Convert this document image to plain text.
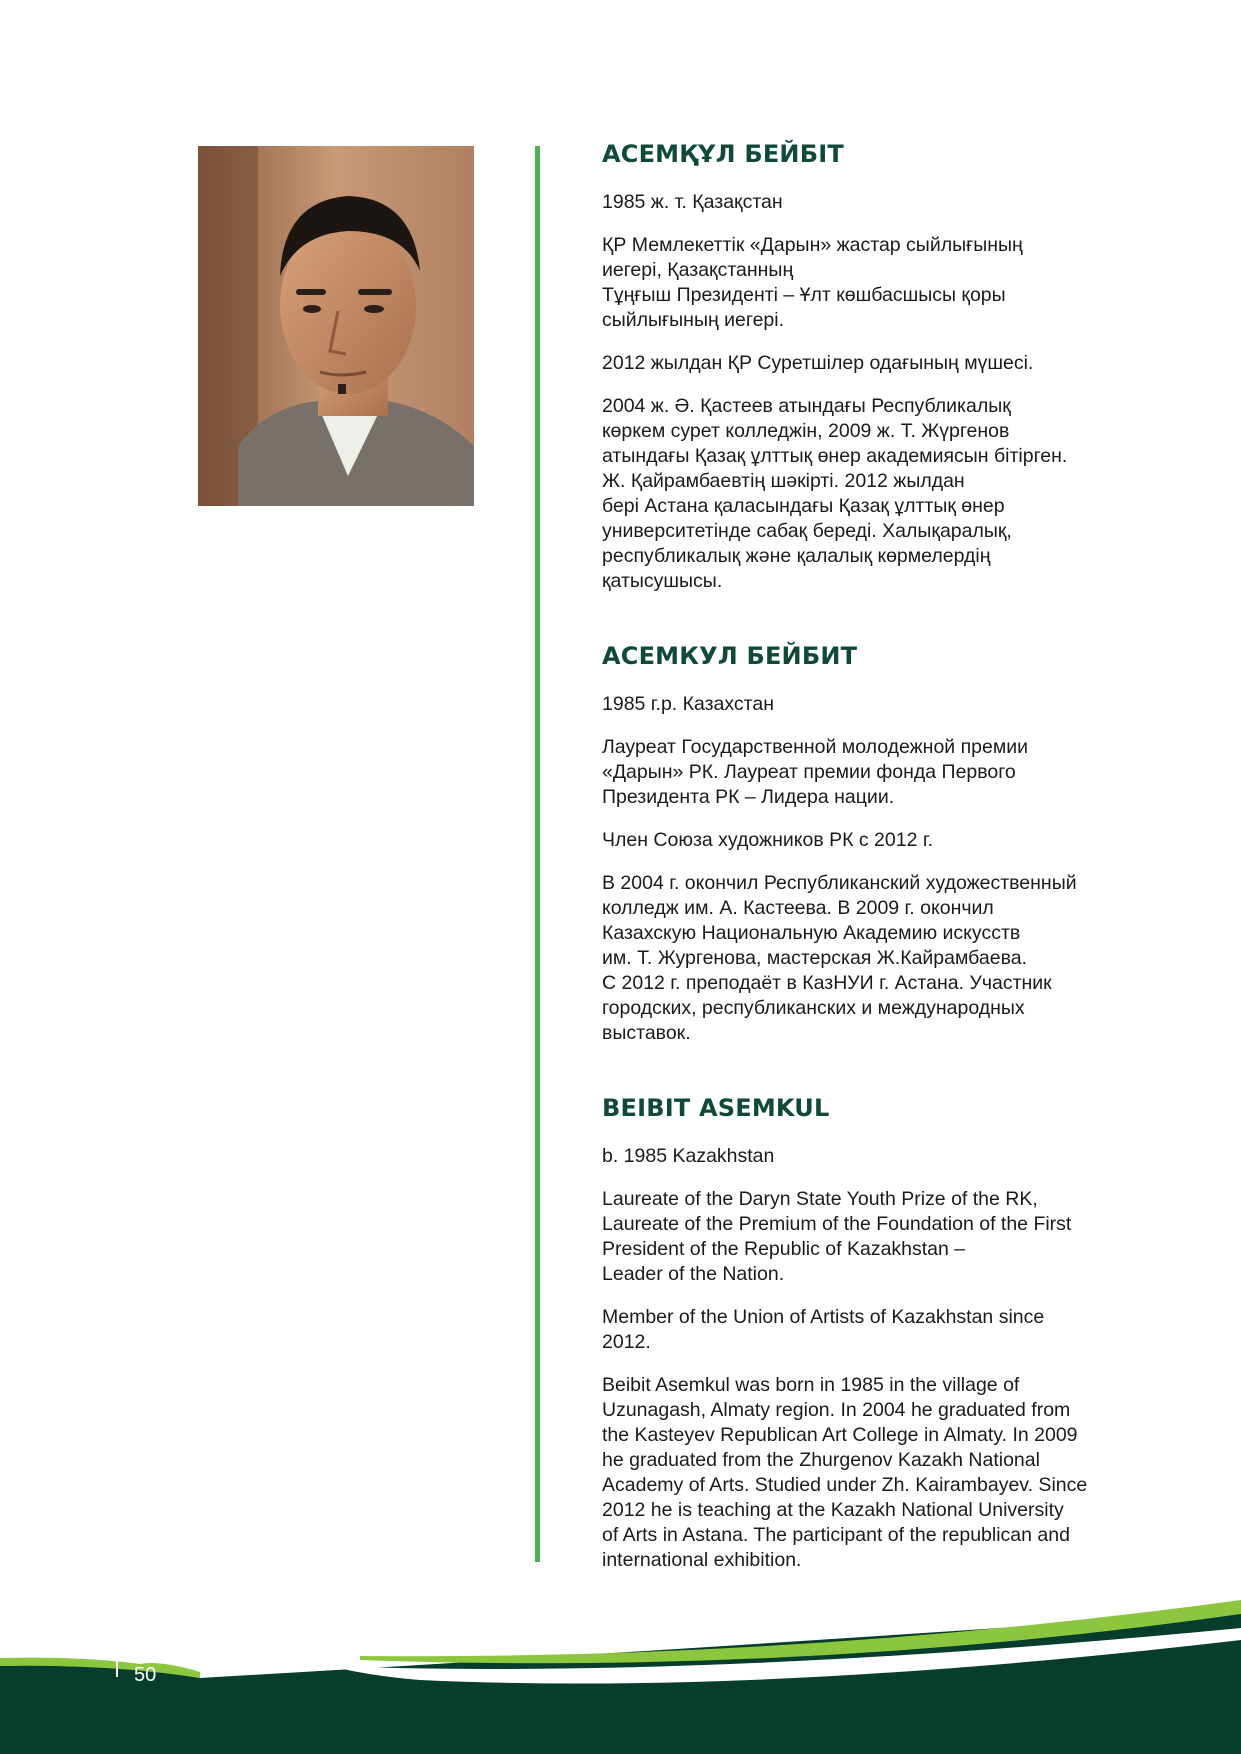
АСЕМҚҰЛ БЕЙБІТ

1985 ж. т. Қазақстан

ҚР Мемлекеттік «Дарын» жастар сыйлығының
иегері, Қазақстанның
Тұңғыш Президенті – Ұлт көшбасшысы қоры
сыйлығының иегері.

2012 жылдан ҚР Суретшілер одағының мүшесі.

2004 ж. Ә. Қастеев атындағы Республикалық
көркем сурет колледжін, 2009 ж. Т. Жүргенов
атындағы Қазақ ұлттық өнер академиясын бітірген.
Ж. Қайрамбаевтің шәкірті. 2012 жылдан
бері Астана қаласындағы Қазақ ұлттық өнер
университетінде сабақ береді. Халықаралық,
республикалық және қалалық көрмелердің
қатысушысы.

АСЕМКУЛ БЕЙБИТ

1985 г.р. Казахстан

Лауреат Государственной молодежной премии
«Дарын» РК. Лауреат премии фонда Первого
Президента РК – Лидера нации.

Член Союза художников РК с 2012 г.

В 2004 г. окончил Республиканский художественный
колледж им. А. Кастеева. В 2009 г. окончил
Казахскую Национальную Академию искусств
им. Т. Жургенова, мастерская Ж.Кайрамбаева.
С 2012 г. преподаёт в КазНУИ г. Астана. Участник
городских, республиканских и международных
выставок.

BEIBIT ASEMKUL

b. 1985 Kazakhstan

Laureate of the Daryn State Youth Prize of the RK,
Laureate of the Premium of the Foundation of the First
President of the Republic of Kazakhstan –
Leader of the Nation.

Member of the Union of Artists of Kazakhstan since
2012.

Beibit Asemkul was born in 1985 in the village of
Uzunagash, Almaty region. In 2004 he graduated from
the Kasteyev Republican Art College in Almaty. In 2009
he graduated from the Zhurgenov Kazakh National
Academy of Arts. Studied under Zh. Kairambayev. Since
2012 he is teaching at the Kazakh National University
of Arts in Astana. The participant of the republican and
international exhibition.

50
